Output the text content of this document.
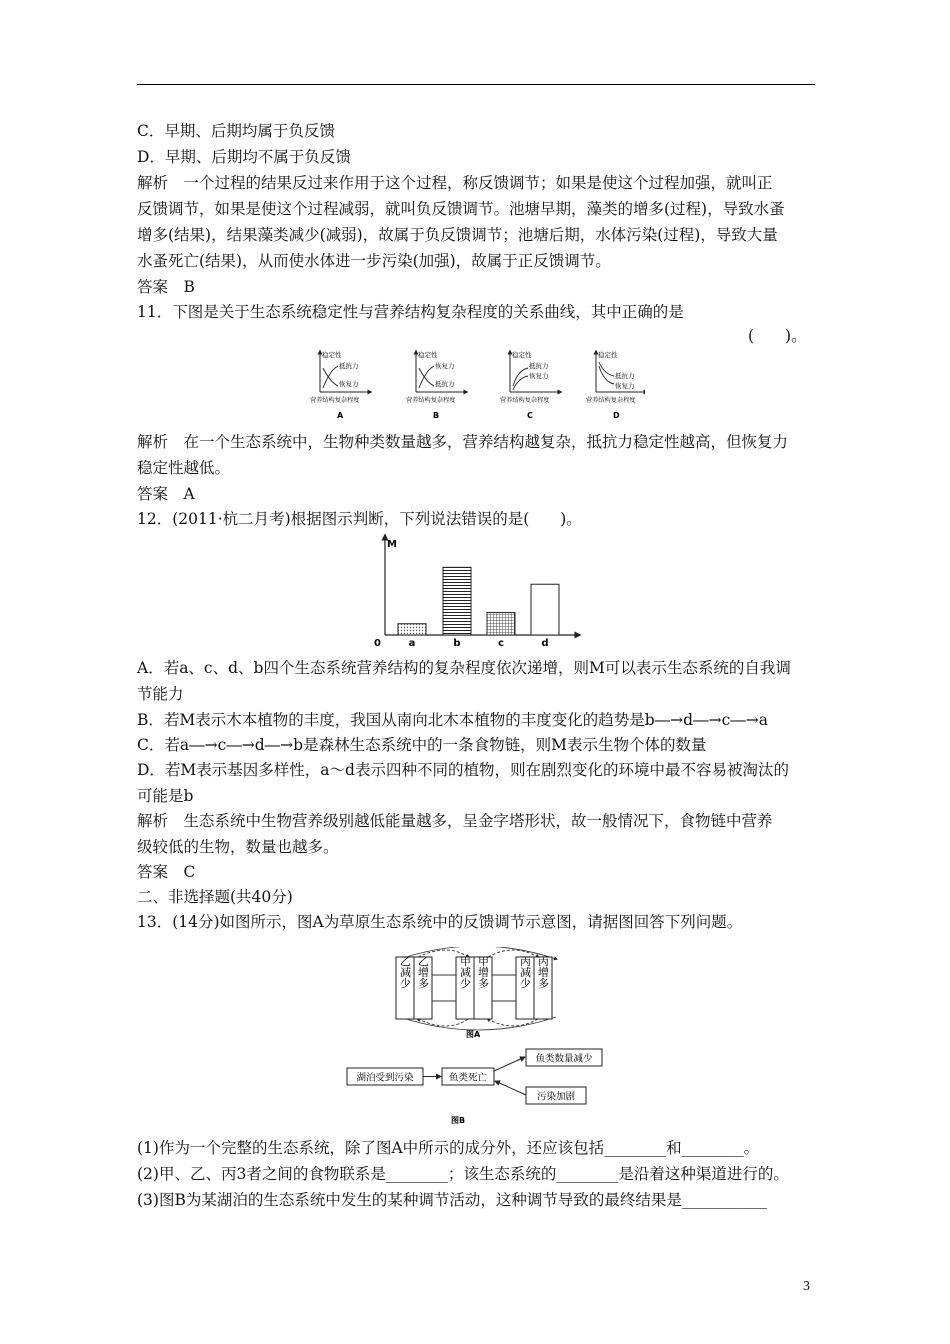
C．早期、后期均属于负反馈
D．早期、后期均不属于负反馈
解析　一个过程的结果反过来作用于这个过程，称反馈调节；如果是使这个过程加强，就叫正
反馈调节，如果是使这个过程减弱，就叫负反馈调节。池塘早期，藻类的增多(过程)，导致水蚤
增多(结果)，结果藻类减少(减弱)，故属于负反馈调节；池塘后期，水体污染(过程)，导致大量
水蚤死亡(结果)，从而使水体进一步污染(加强)，故属于正反馈调节。
答案　B
11．下图是关于生态系统稳定性与营养结构复杂程度的关系曲线，其中正确的是
(　　)。
稳定性
抵抗力
恢复力
营养结构复杂程度
A
稳定性
恢复力
抵抗力
营养结构复杂程度
B
稳定性
抵抗力
恢复力
营养结构复杂程度
C
稳定性
抵抗力
恢复力
营养结构复杂程度
D
解析　在一个生态系统中，生物种类数量越多，营养结构越复杂，抵抗力稳定性越高，但恢复力
稳定性越低。
答案　A
12．(2011·杭二月考)根据图示判断，下列说法错误的是(　　)。
M
0	a	b	c	d
A．若a、c、d、b四个生态系统营养结构的复杂程度依次递增，则M可以表示生态系统的自我调
节能力
B．若M表示木本植物的丰度，我国从南向北木本植物的丰度变化的趋势是b―→d―→c―→a
C．若a―→c―→d―→b是森林生态系统中的一条食物链，则M表示生物个体的数量
D．若M表示基因多样性，a～d表示四种不同的植物，则在剧烈变化的环境中最不容易被淘汰的
可能是b
解析　生态系统中生物营养级别越低能量越多，呈金字塔形状，故一般情况下，食物链中营养
级较低的生物，数量也越多。
答案　C
二、非选择题(共40分)
13．(14分)如图所示，图A为草原生态系统中的反馈调节示意图，请据图回答下列问题。
乙减少 乙增多	甲减少 甲增多	丙减少 丙增多
图A
湖泊受到污染	鱼类死亡
鱼类数量减少
污染加剧
图B
(1)作为一个完整的生态系统，除了图A中所示的成分外，还应该包括________和________。
(2)甲、乙、丙3者之间的食物联系是________；该生态系统的________是沿着这种渠道进行的。
(3)图B为某湖泊的生态系统中发生的某种调节活动，这种调节导致的最终结果是___________
3
